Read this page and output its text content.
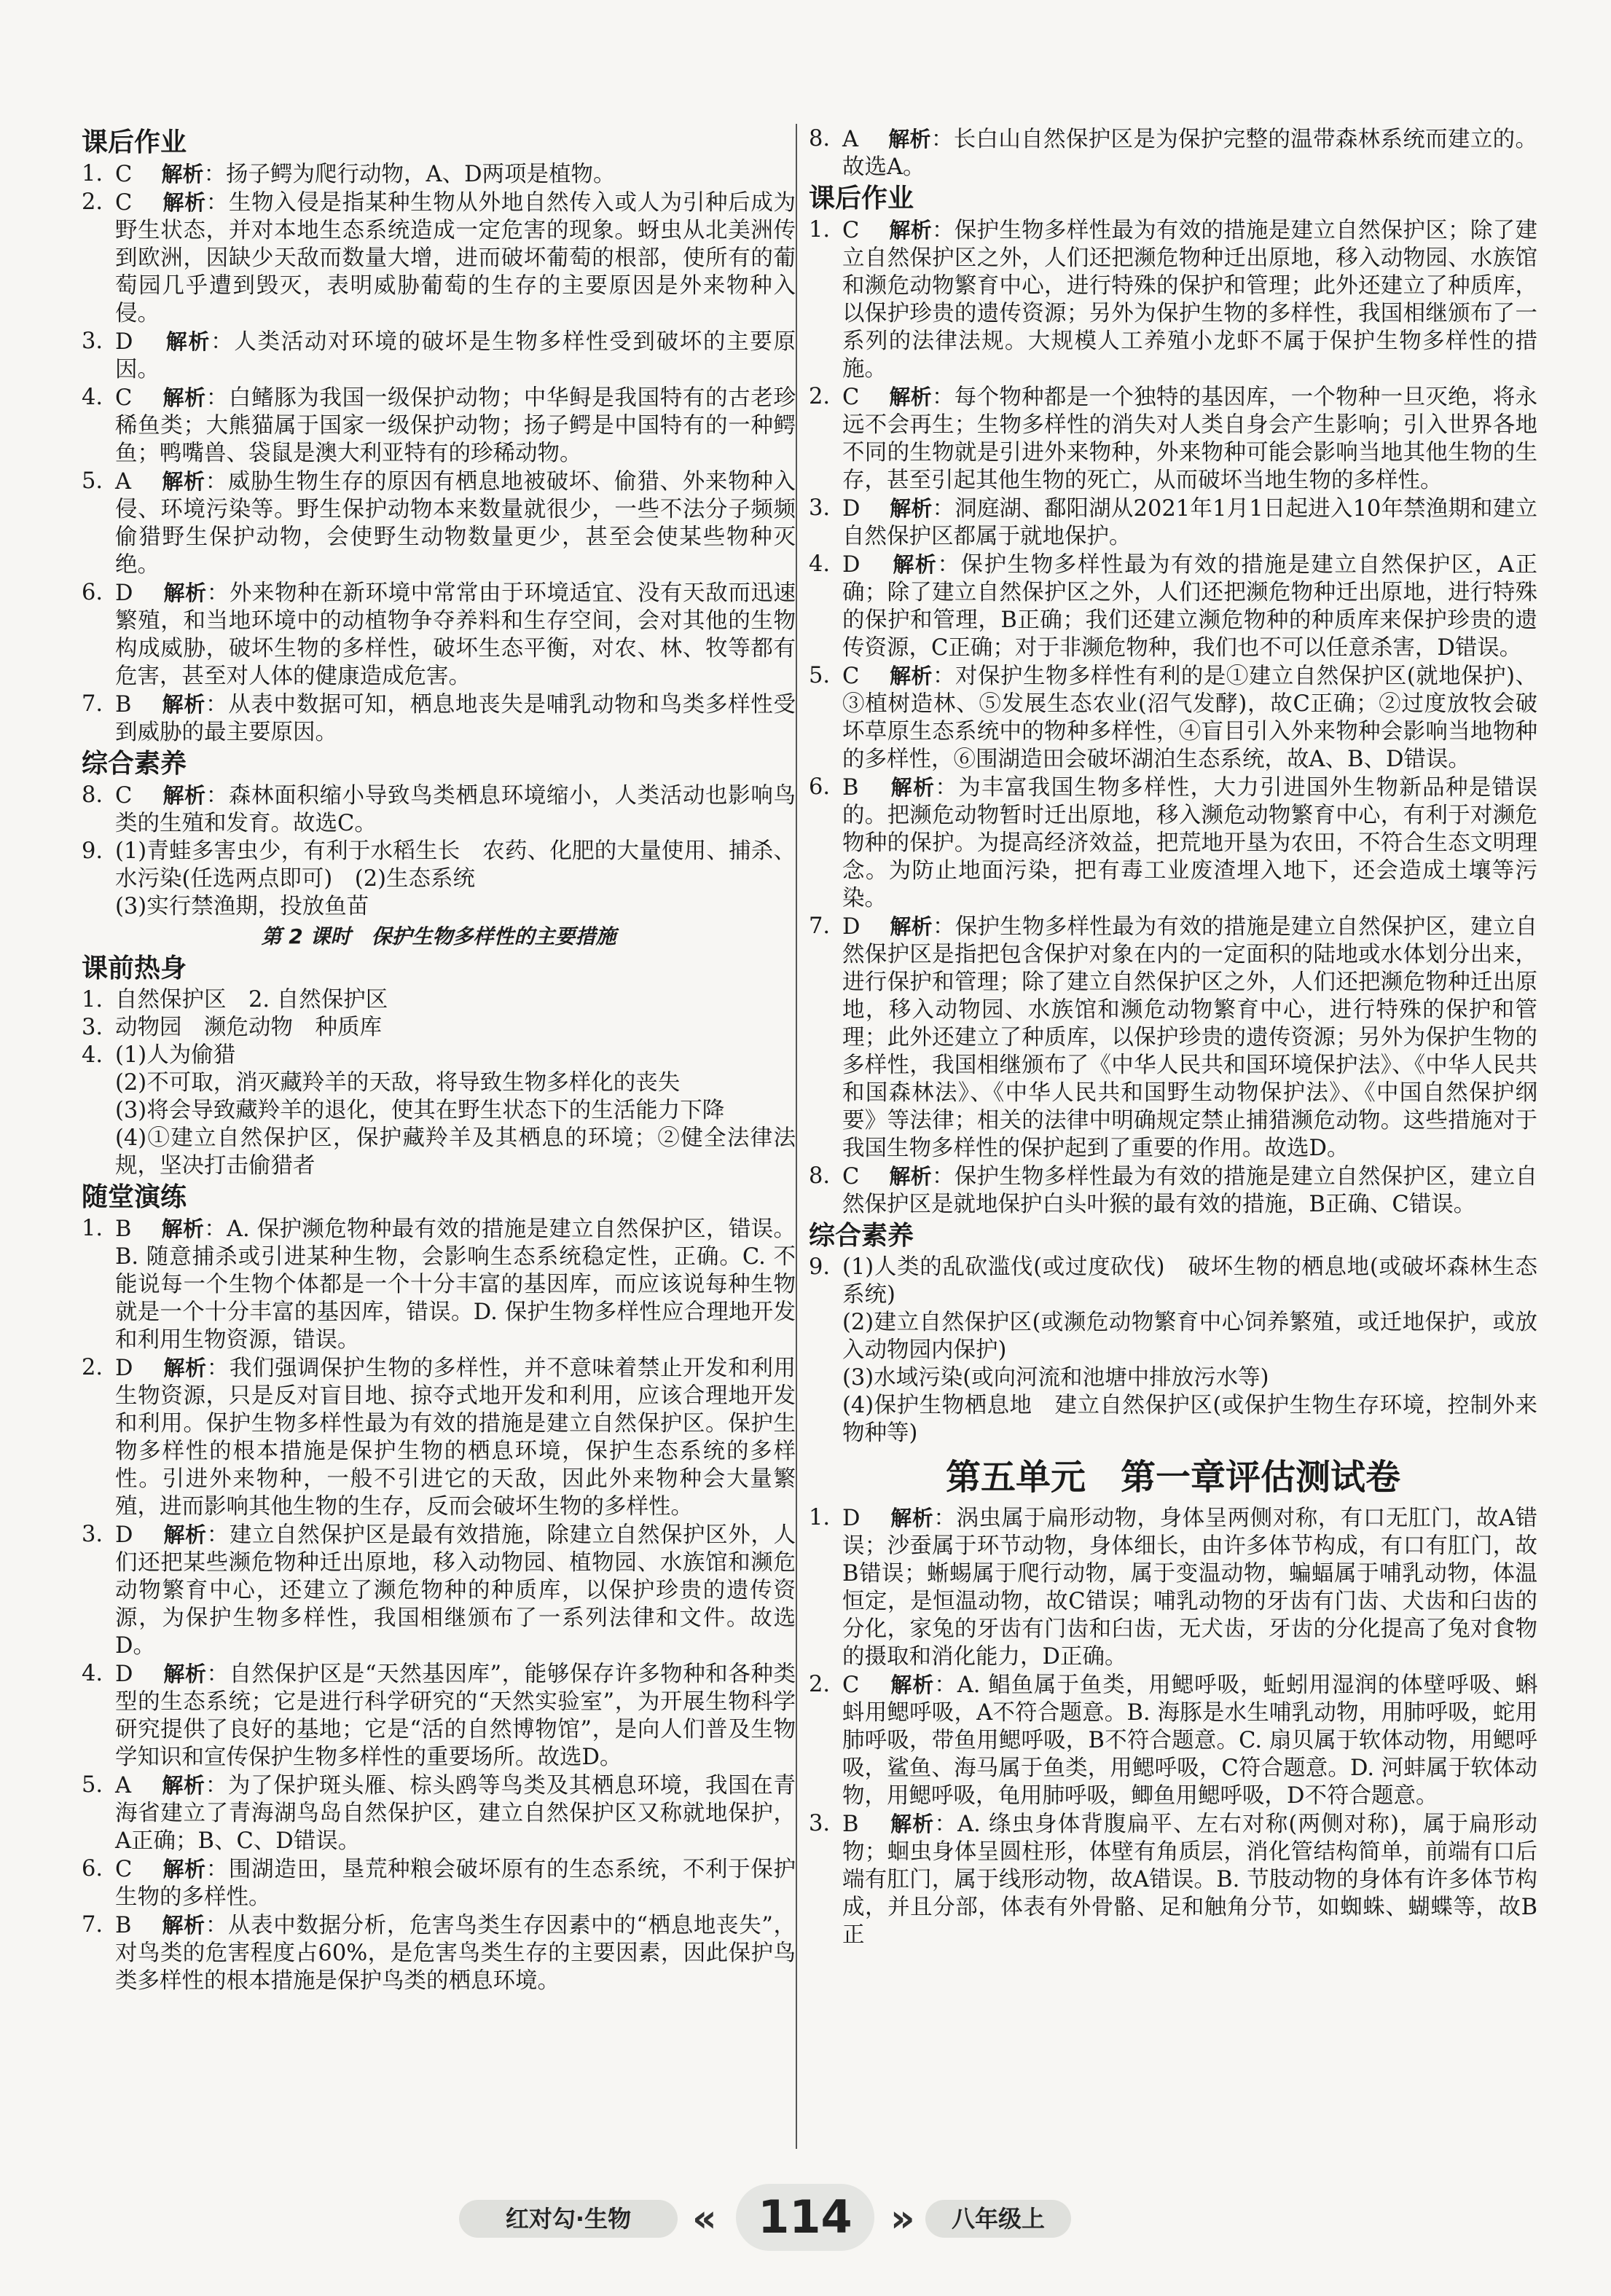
课后作业
1. C　 解析：扬子鳄为爬行动物，A、D两项是植物。
2. C　 解析：生物入侵是指某种生物从外地自然传入或人为引种后成为野生状态，并对本地生态系统造成一定危害的现象。蚜虫从北美洲传到欧洲，因缺少天敌而数量大增，进而破坏葡萄的根部，使所有的葡萄园几乎遭到毁灭，表明威胁葡萄的生存的主要原因是外来物种入侵。
3. D　 解析：人类活动对环境的破坏是生物多样性受到破坏的主要原因。
4. C　 解析：白鳍豚为我国一级保护动物；中华鲟是我国特有的古老珍稀鱼类；大熊猫属于国家一级保护动物；扬子鳄是中国特有的一种鳄鱼；鸭嘴兽、袋鼠是澳大利亚特有的珍稀动物。
5. A　 解析：威胁生物生存的原因有栖息地被破坏、偷猎、外来物种入侵、环境污染等。野生保护动物本来数量就很少，一些不法分子频频偷猎野生保护动物，会使野生动物数量更少，甚至会使某些物种灭绝。
6. D　 解析：外来物种在新环境中常常由于环境适宜、没有天敌而迅速繁殖，和当地环境中的动植物争夺养料和生存空间，会对其他的生物构成威胁，破坏生物的多样性，破坏生态平衡，对农、林、牧等都有危害，甚至对人体的健康造成危害。
7. B　 解析：从表中数据可知，栖息地丧失是哺乳动物和鸟类多样性受到威胁的最主要原因。
综合素养
8. C　 解析：森林面积缩小导致鸟类栖息环境缩小，人类活动也影响鸟类的生殖和发育。故选C。
9. (1)青蛙多害虫少，有利于水稻生长　农药、化肥的大量使用、捕杀、水污染(任选两点即可)　(2)生态系统
(3)实行禁渔期，投放鱼苗
第 2 课时　保护生物多样性的主要措施
课前热身
1. 自然保护区　2. 自然保护区
3. 动物园　濒危动物　种质库
4. (1)人为偷猎
(2)不可取，消灭藏羚羊的天敌，将导致生物多样化的丧失
(3)将会导致藏羚羊的退化，使其在野生状态下的生活能力下降
(4)①建立自然保护区，保护藏羚羊及其栖息的环境；②健全法律法规，坚决打击偷猎者
随堂演练
1. B　 解析：A. 保护濒危物种最有效的措施是建立自然保护区，错误。B. 随意捕杀或引进某种生物，会影响生态系统稳定性，正确。C. 不能说每一个生物个体都是一个十分丰富的基因库，而应该说每种生物就是一个十分丰富的基因库，错误。D. 保护生物多样性应合理地开发和利用生物资源，错误。
2. D　 解析：我们强调保护生物的多样性，并不意味着禁止开发和利用生物资源，只是反对盲目地、掠夺式地开发和利用，应该合理地开发和利用。保护生物多样性最为有效的措施是建立自然保护区。保护生物多样性的根本措施是保护生物的栖息环境，保护生态系统的多样性。引进外来物种，一般不引进它的天敌，因此外来物种会大量繁殖，进而影响其他生物的生存，反而会破坏生物的多样性。
3. D　 解析：建立自然保护区是最有效措施，除建立自然保护区外，人们还把某些濒危物种迁出原地，移入动物园、植物园、水族馆和濒危动物繁育中心，还建立了濒危物种的种质库，以保护珍贵的遗传资源，为保护生物多样性，我国相继颁布了一系列法律和文件。故选D。
4. D　 解析：自然保护区是“天然基因库”，能够保存许多物种和各种类型的生态系统；它是进行科学研究的“天然实验室”，为开展生物科学研究提供了良好的基地；它是“活的自然博物馆”，是向人们普及生物学知识和宣传保护生物多样性的重要场所。故选D。
5. A　 解析：为了保护斑头雁、棕头鸥等鸟类及其栖息环境，我国在青海省建立了青海湖鸟岛自然保护区，建立自然保护区又称就地保护，A正确；B、C、D错误。
6. C　 解析：围湖造田，垦荒种粮会破坏原有的生态系统，不利于保护生物的多样性。
7. B　 解析：从表中数据分析，危害鸟类生存因素中的“栖息地丧失”，对鸟类的危害程度占60%，是危害鸟类生存的主要因素，因此保护鸟类多样性的根本措施是保护鸟类的栖息环境。
8. A　 解析：长白山自然保护区是为保护完整的温带森林系统而建立的。故选A。
课后作业
1. C　 解析：保护生物多样性最为有效的措施是建立自然保护区；除了建立自然保护区之外，人们还把濒危物种迁出原地，移入动物园、水族馆和濒危动物繁育中心，进行特殊的保护和管理；此外还建立了种质库，以保护珍贵的遗传资源；另外为保护生物的多样性，我国相继颁布了一系列的法律法规。大规模人工养殖小龙虾不属于保护生物多样性的措施。
2. C　 解析：每个物种都是一个独特的基因库，一个物种一旦灭绝，将永远不会再生；生物多样性的消失对人类自身会产生影响；引入世界各地不同的生物就是引进外来物种，外来物种可能会影响当地其他生物的生存，甚至引起其他生物的死亡，从而破坏当地生物的多样性。
3. D　 解析：洞庭湖、鄱阳湖从2021年1月1日起进入10年禁渔期和建立自然保护区都属于就地保护。
4. D　 解析：保护生物多样性最为有效的措施是建立自然保护区，A正确；除了建立自然保护区之外，人们还把濒危物种迁出原地，进行特殊的保护和管理，B正确；我们还建立濒危物种的种质库来保护珍贵的遗传资源，C正确；对于非濒危物种，我们也不可以任意杀害，D错误。
5. C　 解析：对保护生物多样性有利的是①建立自然保护区(就地保护)、③植树造林、⑤发展生态农业(沼气发酵)，故C正确；②过度放牧会破坏草原生态系统中的物种多样性，④盲目引入外来物种会影响当地物种的多样性，⑥围湖造田会破坏湖泊生态系统，故A、B、D错误。
6. B　 解析：为丰富我国生物多样性，大力引进国外生物新品种是错误的。把濒危动物暂时迁出原地，移入濒危动物繁育中心，有利于对濒危物种的保护。为提高经济效益，把荒地开垦为农田，不符合生态文明理念。为防止地面污染，把有毒工业废渣埋入地下，还会造成土壤等污染。
7. D　 解析：保护生物多样性最为有效的措施是建立自然保护区，建立自然保护区是指把包含保护对象在内的一定面积的陆地或水体划分出来，进行保护和管理；除了建立自然保护区之外，人们还把濒危物种迁出原地，移入动物园、水族馆和濒危动物繁育中心，进行特殊的保护和管理；此外还建立了种质库，以保护珍贵的遗传资源；另外为保护生物的多样性，我国相继颁布了《中华人民共和国环境保护法》、《中华人民共和国森林法》、《中华人民共和国野生动物保护法》、《中国自然保护纲要》等法律；相关的法律中明确规定禁止捕猎濒危动物。这些措施对于我国生物多样性的保护起到了重要的作用。故选D。
8. C　 解析：保护生物多样性最为有效的措施是建立自然保护区，建立自然保护区是就地保护白头叶猴的最有效的措施，B正确、C错误。
综合素养
9. (1)人类的乱砍滥伐(或过度砍伐)　破坏生物的栖息地(或破坏森林生态系统)
(2)建立自然保护区(或濒危动物繁育中心饲养繁殖，或迁地保护，或放入动物园内保护)
(3)水域污染(或向河流和池塘中排放污水等)
(4)保护生物栖息地　建立自然保护区(或保护生物生存环境，控制外来物种等)
第五单元　第一章评估测试卷
1. D　 解析：涡虫属于扁形动物，身体呈两侧对称，有口无肛门，故A错误；沙蚕属于环节动物，身体细长，由许多体节构成，有口有肛门，故B错误；蜥蜴属于爬行动物，属于变温动物，蝙蝠属于哺乳动物，体温恒定，是恒温动物，故C错误；哺乳动物的牙齿有门齿、犬齿和臼齿的分化，家兔的牙齿有门齿和臼齿，无犬齿，牙齿的分化提高了兔对食物的摄取和消化能力，D正确。
2. C　 解析：A. 鲳鱼属于鱼类，用鳃呼吸，蚯蚓用湿润的体壁呼吸、蝌蚪用鳃呼吸，A不符合题意。B. 海豚是水生哺乳动物，用肺呼吸，蛇用肺呼吸，带鱼用鳃呼吸，B不符合题意。C. 扇贝属于软体动物，用鳃呼吸，鲨鱼、海马属于鱼类，用鳃呼吸，C符合题意。D. 河蚌属于软体动物，用鳃呼吸，龟用肺呼吸，鲫鱼用鳃呼吸，D不符合题意。
3. B　 解析：A. 绦虫身体背腹扁平、左右对称(两侧对称)，属于扁形动物；蛔虫身体呈圆柱形，体壁有角质层，消化管结构简单，前端有口后端有肛门，属于线形动物，故A错误。B. 节肢动物的身体有许多体节构成，并且分部，体表有外骨骼、足和触角分节，如蜘蛛、蝴蝶等，故B正
红对勾·生物	« 114	»	八年级上
